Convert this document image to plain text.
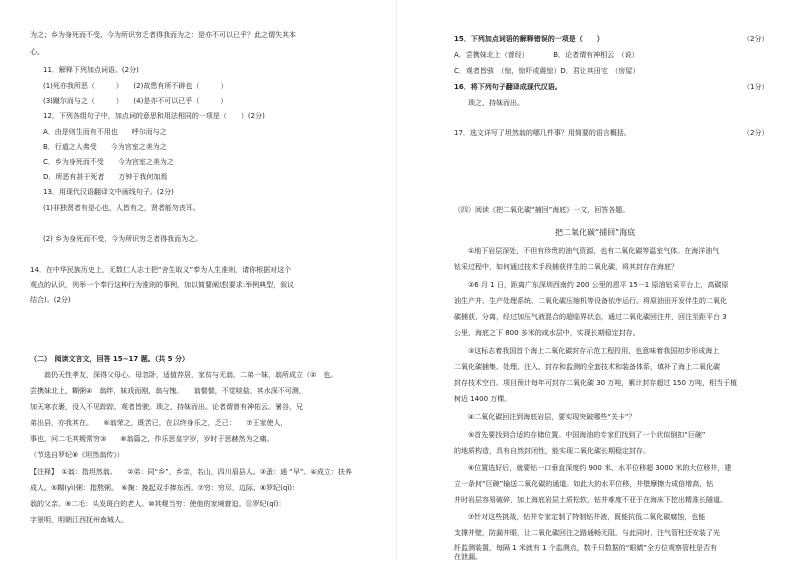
为之；乡为身死而不受，今为所识穷乏者得我而为之：是亦不可以已乎？此之谓失其本
心。
11．解释下列加点词语。(2分)
(1)死亦我所恶（　　　）　　(2)故患有所不辟也（　　　）
(3)蹴尔而与之（　　　）　　(4)是亦不可以已乎（　　　）
12．下列各组句子中，加点词的意思和用法相同的一项是（　　）(2分)
A．由是则生而有不用也　　呼尔而与之
B．行道之人弗受　　今为宫室之美为之
C．乡为身死而不受　　今为宫室之美为之
D．所恶有甚于死者　　万钟于我何加焉
13．用现代汉语翻译文中画线句子。(2分)
(1)非独贤者有是心也，人皆有之，贤者能勿丧耳。
(2) 乡为身死而不受，今为所识穷乏者得我而为之。
14．在中华民族历史上，无数仁人志士把“舍生取义”奉为人生准则，请你根据对这个
观点的认识，列举一个奉行这种行为准则的事例，加以简要阐述(要求:举例典型，叙议
结合)。(2分)
（二）　阅读文言文，回答 15~17 题。（共 5 分）
　　翁仍天性孝友，深得父母心。母忽卧，适值荐居，家贫与无翁，二弟一妹，翁所成立（②　也。
尝携妹北上，糊粥④　翁绊，妹戏而刚，翁与愧。　　翁惴惴，不觉啖盐，其水深不可测，
加天寒衣裹，没入不见踪踪，观者皆驶。琐之，持妹而出。论者谓曾有神佑云。暑谷，兄
弟出县，亦我其在。　　⑥翁荣之，既苦已，在以终身乐之，乏己：　　⑦王家使人，
事也，问二毛其觌常穷③　　⑧翁篇之，作乐思皇宇岁，岁时于思赫然为之痛。
（节选自罗纪⑧《坦然翁传》）
【注释】　①翁：指坦然翁。　　②弟：同“乡”，乡亲，名山，四川眉县人。③蚤：通 “早”。④成立：扶养
成人。⑤糊(yì)粥：指熬粥。　⑥掬：挽起双手捧东西。⑦穷：穷尽，边际。⑧罗纪(qǐ)：
翁的父亲。⑨二毛：头发斑白的老人。⑩其觌当穷：使他的家境窘迫。⑪罗纪(qǐ)：
字景明，明朝江西抚州南城人。
15．下列加点词语的解释错误的一项是（　　）	（2分）
A．尝携妹北上（曾经）　　　　B．论者谓有神相云　（说）
C．观者皆骇　（惊，惊吓或震惊）D．君让其田宅　（房屋）
16．将下列句子翻译成现代汉语。	（1分）
　　琐之，持妹而出。
17．选文详写了坦然翁的哪几件事？用简要的语言概括。	（2分）
（四）阅读《把二氧化碳“捕回”海底》一文，回答各题。
把二氧化碳“捕回”海底
　　①地下岩层深处，不但有珍贵的油气资源，也有二氧化碳等温室气体。在海洋油气
钻采过程中，如何通过技术手段捕获伴生的二氧化碳，将其封存在海底？
　　②6 月 1 日，距离广东深圳西南约 200 公里的恩平 15－1 原油钻采平台上，高碳原
油生产井、生产处理系统、二氧化碳压缩机等设备依序运行。将原油田开发伴生的二氧化
碳捕获、分离，经过加压气液混合的超临界状态，通过二氧化碳回注井，回注至距平台 3
公里、海底之下 800 多米的咸水层中，实现长期稳定封存。
　　③这标志着我国首个海上二氧化碳封存示范工程投用，也意味着我国初步形成海上
二氧化碳捕集、处理、注入、封存和监测的全套技术和装备体系，填补了海上二氧化碳
封存技术空白。项目预计每年可封存二氧化碳 30 万吨，累计封存超过 150 万吨，相当于植
树近 1400 万棵。
　　④二氧化碳回注到海底岩层，要实现突破哪些“关卡”？
　　⑤首先要找到合适的存储位置。中国海油的专家们找到了一个状似倒扣“巨碗”
的地质构造，具有自然封闭性，能实现二氧化碳长期稳定封存。
　　⑥位置选好后，就要钻一口垂直深度约 900 米、水平位移超 3000 米的大位移井，建
立一条何“巨碗”输送二氧化碳的通道。如此大的水平位移，井壁摩擦力成倍增高，钻
井时岩层容易破碎，加上海底岩层土质松软，钻井难度不亚于在海床下挖出精准长隧道。
　　⑦针对这些挑战，钻井专家定制了特制钻井液，既能抗低二氧化碳腐蚀，也能
支撑井壁，防漏井眼，让二氧化碳回注之路通畅无阻。与此同时，注气管柱还安装了光
纤监测装置，每隔 1 米就有 1 个监测点，数千只数据的“眼睛”全方位观察管柱是否有
在泄漏。
